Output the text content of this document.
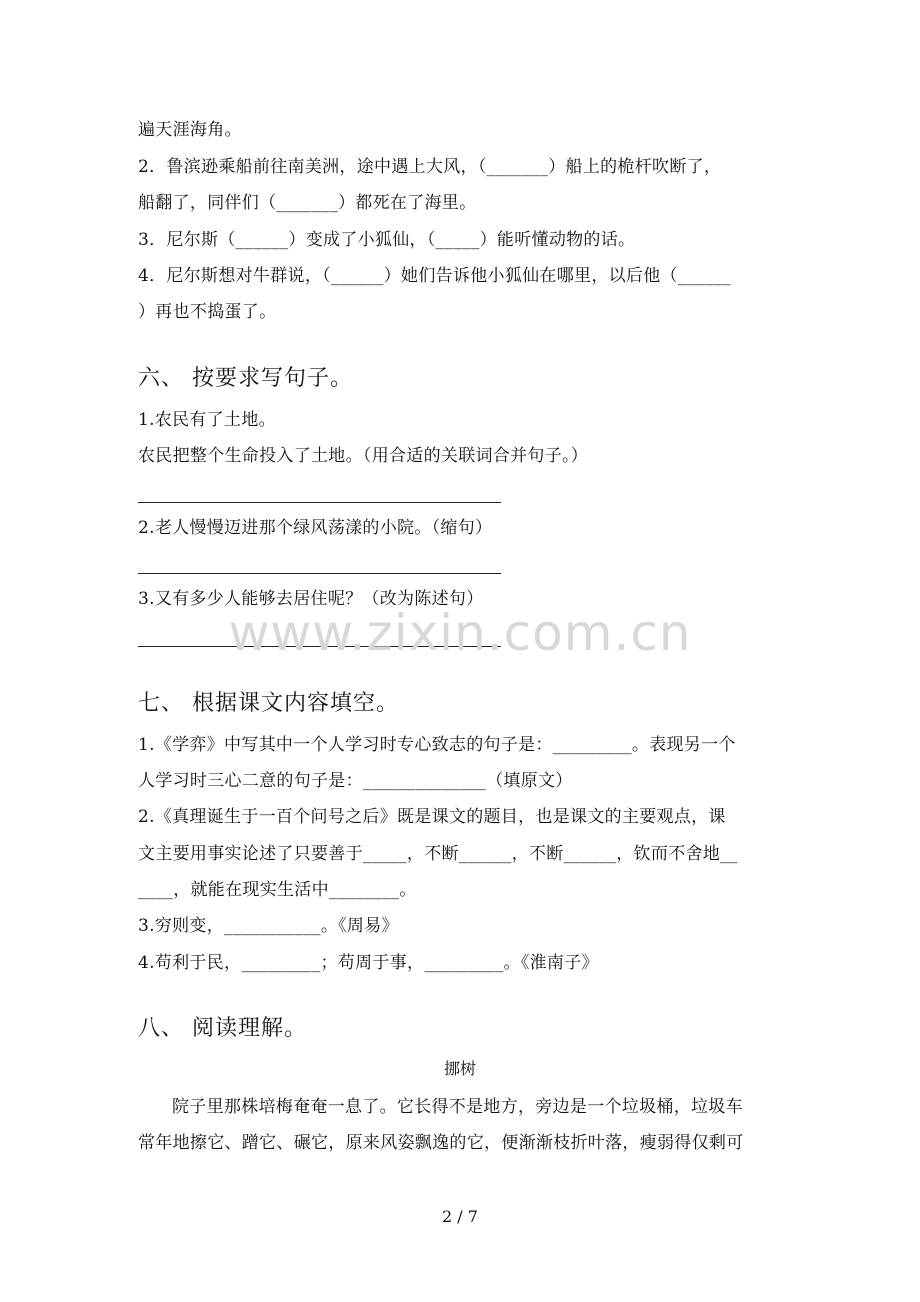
遍天涯海角。
2．鲁滨逊乘船前往南美洲，途中遇上大风，（_______）船上的桅杆吹断了，
船翻了，同伴们（_______）都死在了海里。
3．尼尔斯（______）变成了小狐仙，（_____）能听懂动物的话。
4．尼尔斯想对牛群说，（______）她们告诉他小狐仙在哪里，以后他（______
）再也不捣蛋了。
六、 按要求写句子。
1.农民有了土地。
农民把整个生命投入了土地。（用合适的关联词合并句子。）
2.老人慢慢迈进那个绿风荡漾的小院。（缩句）
3.又有多少人能够去居住呢？（改为陈述句）
七、 根据课文内容填空。
1.《学弈》中写其中一个人学习时专心致志的句子是：_________。表现另一个
人学习时三心二意的句子是：______________（填原文）
2.《真理诞生于一百个问号之后》既是课文的题目，也是课文的主要观点，课
文主要用事实论述了只要善于_____，不断______，不断______，钦而不舍地__
____，就能在现实生活中________。
3.穷则变，___________。《周易》
4.苟利于民，_________；苟周于事，_________。《淮南子》
八、 阅读理解。
挪树
院子里那株培梅奄奄一息了。它长得不是地方，旁边是一个垃圾桶，垃圾车
常年地擦它、蹭它、碾它，原来风姿飘逸的它，便渐渐枝折叶落，瘦弱得仅剩可
www.zixin.com.cn
2 / 7
